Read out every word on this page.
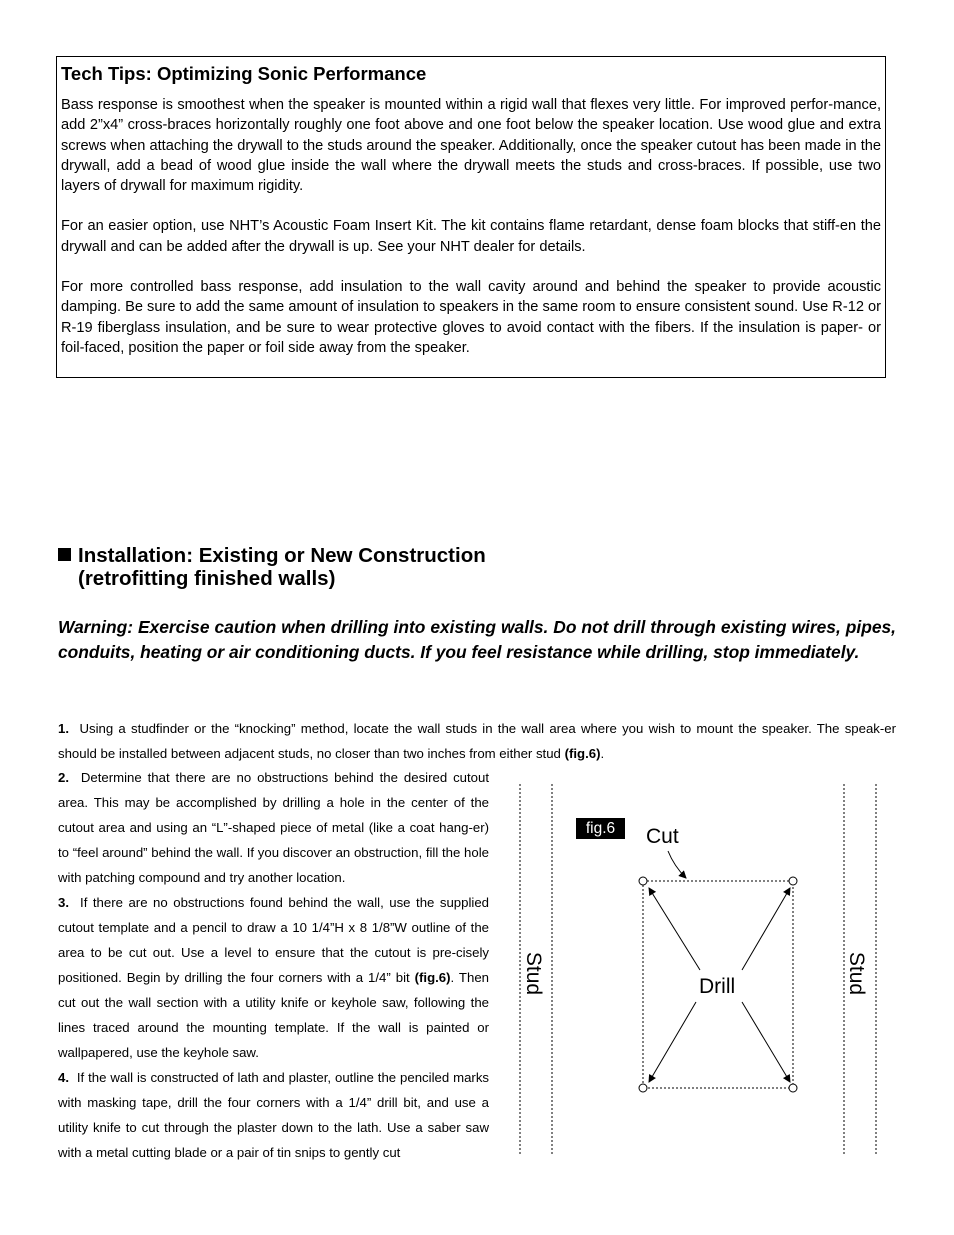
Tech Tips: Optimizing Sonic Performance

Bass response is smoothest when the speaker is mounted within a rigid wall that flexes very little. For improved perfor-mance, add 2”x4” cross-braces horizontally roughly one foot above and one foot below the speaker location. Use wood glue and extra screws when attaching the drywall to the studs around the speaker. Additionally, once the speaker cutout has been made in the drywall, add a bead of wood glue inside the wall where the drywall meets the studs and cross-braces. If possible, use two layers of drywall for maximum rigidity.

For an easier option, use NHT’s Acoustic Foam Insert Kit. The kit contains flame retardant, dense foam blocks that stiff-en the drywall and can be added after the drywall is up. See your NHT dealer for details.

For more controlled bass response, add insulation to the wall cavity around and behind the speaker to provide acoustic damping. Be sure to add the same amount of insulation to speakers in the same room to ensure consistent sound. Use R-12 or R-19 fiberglass insulation, and be sure to wear protective gloves to avoid contact with the fibers. If the insulation is paper- or foil-faced, position the paper or foil side away from the speaker.

Installation: Existing or New Construction
(retrofitting finished walls)

Warning: Exercise caution when drilling into existing walls. Do not drill through existing wires, pipes, conduits, heating or air conditioning ducts. If you feel resistance while drilling, stop immediately.

1. Using a studfinder or the “knocking” method, locate the wall studs in the wall area where you wish to mount the speaker. The speak-er should be installed between adjacent studs, no closer than two inches from either stud (fig.6).

2. Determine that there are no obstructions behind the desired cutout area. This may be accomplished by drilling a hole in the center of the cutout area and using an “L”-shaped piece of metal (like a coat hang-er) to “feel around” behind the wall. If you discover an obstruction, fill the hole with patching compound and try another location.

3. If there are no obstructions found behind the wall, use the supplied cutout template and a pencil to draw a 10 1/4”H x 8 1/8”W outline of the area to be cut out. Use a level to ensure that the cutout is pre-cisely positioned. Begin by drilling the four corners with a 1/4” bit (fig.6). Then cut out the wall section with a utility knife or keyhole saw, following the lines traced around the mounting template. If the wall is painted or wallpapered, use the keyhole saw.

4. If the wall is constructed of lath and plaster, outline the penciled marks with masking tape, drill the four corners with a 1/4” drill bit, and use a utility knife to cut through the plaster down to the lath. Use a saber saw with a metal cutting blade or a pair of tin snips to gently cut

fig.6	Cut
Drill
Stud	Stud
